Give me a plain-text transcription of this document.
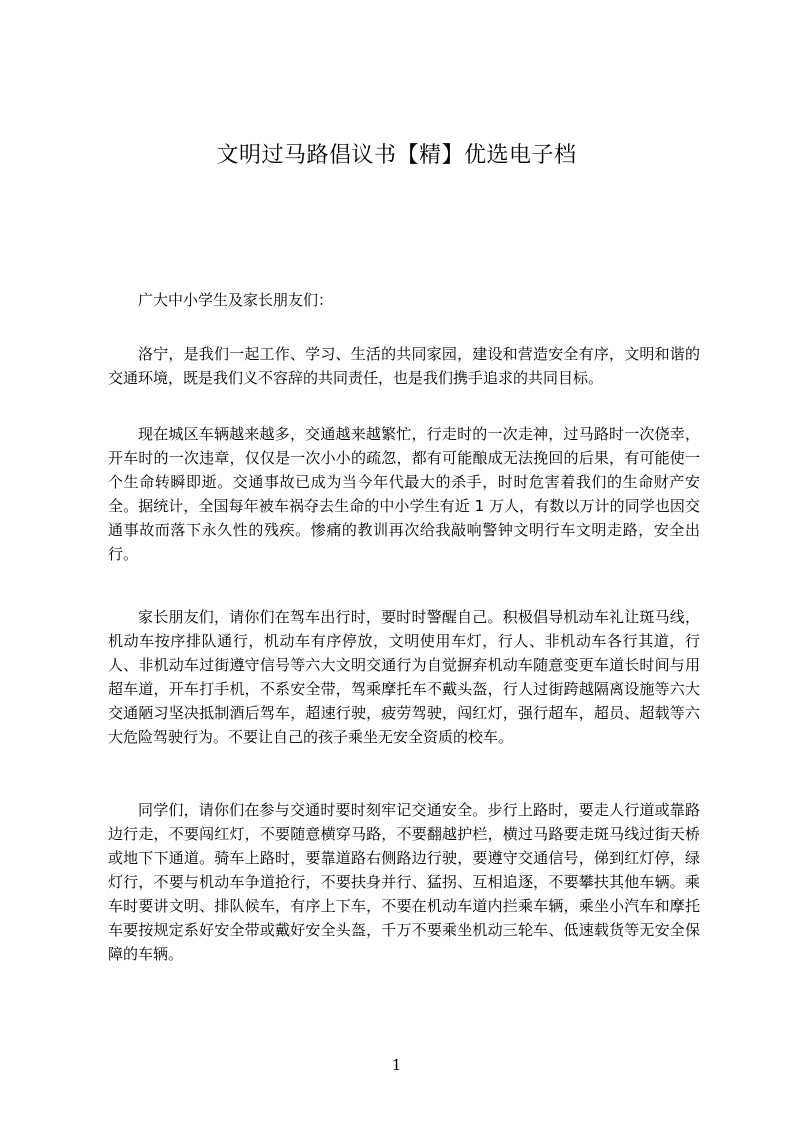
文明过马路倡议书【精】优选电子档

广大中小学生及家长朋友们：

洛宁，是我们一起工作、学习、生活的共同家园，建设和营造安全有序，文明和谐的交通环境，既是我们义不容辞的共同责任，也是我们携手追求的共同目标。

现在城区车辆越来越多，交通越来越繁忙，行走时的一次走神，过马路时一次侥幸，开车时的一次违章，仅仅是一次小小的疏忽，都有可能酿成无法挽回的后果，有可能使一个生命转瞬即逝。交通事故已成为当今年代最大的杀手，时时危害着我们的生命财产安全。据统计，全国每年被车祸夺去生命的中小学生有近 1 万人，有数以万计的同学也因交通事故而落下永久性的残疾。惨痛的教训再次给我敲响警钟文明行车文明走路，安全出行。

家长朋友们，请你们在驾车出行时，要时时警醒自己。积极倡导机动车礼让斑马线，机动车按序排队通行，机动车有序停放，文明使用车灯，行人、非机动车各行其道，行人、非机动车过街遵守信号等六大文明交通行为自觉摒弃机动车随意变更车道长时间与用超车道，开车打手机，不系安全带，驾乘摩托车不戴头盔，行人过街跨越隔离设施等六大交通陋习坚决抵制酒后驾车，超速行驶，疲劳驾驶，闯红灯，强行超车，超员、超载等六大危险驾驶行为。不要让自己的孩子乘坐无安全资质的校车。

同学们，请你们在参与交通时要时刻牢记交通安全。步行上路时，要走人行道或靠路边行走，不要闯红灯，不要随意横穿马路，不要翻越护栏，横过马路要走斑马线过街天桥或地下下通道。骑车上路时，要靠道路右侧路边行驶，要遵守交通信号，俤到红灯停，绿灯行，不要与机动车争道抢行，不要扶身并行、猛拐、互相追逐，不要攀扶其他车辆。乘车时要讲文明、排队候车，有序上下车，不要在机动车道内拦乘车辆，乘坐小汽车和摩托车要按规定系好安全带或戴好安全头盔，千万不要乘坐机动三轮车、低速载货等无安全保障的车辆。

1
